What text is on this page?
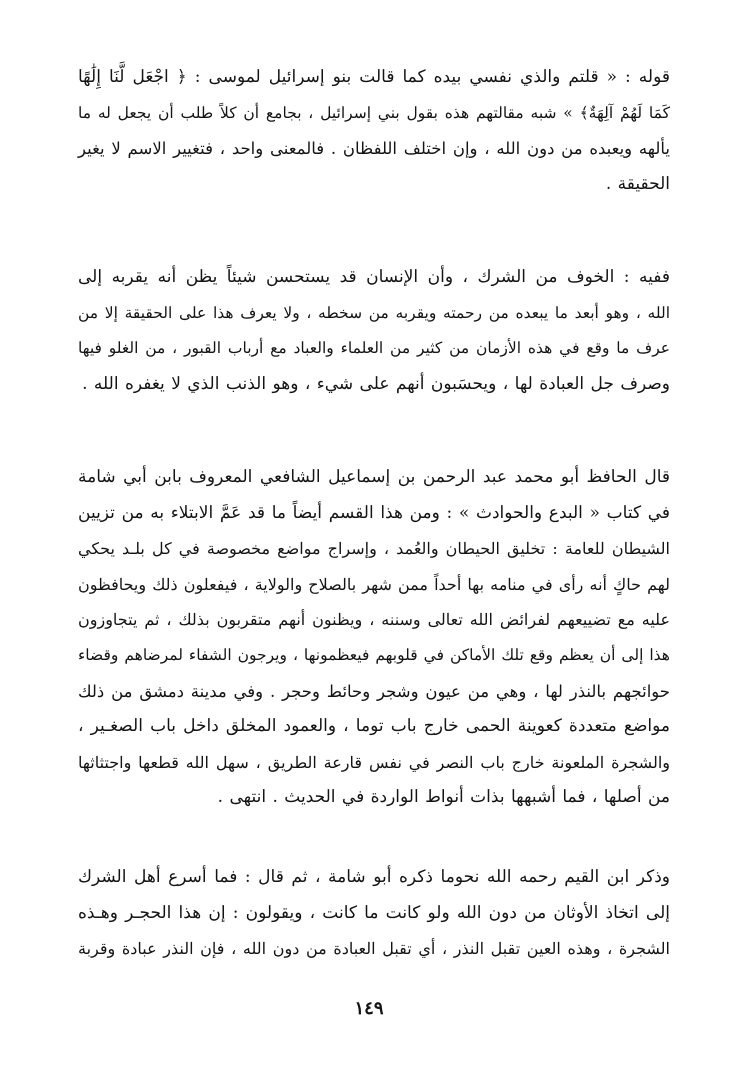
قوله : « قلتم والذي نفسي بيده كما قالت بنو إسرائيل لموسى : ﴿ اجْعَل لَّنَا إِلَٰهًا
كَمَا لَهُمْ آلِهَةٌ﴾ » شبه مقالتهم هذه بقول بني إسرائيل ، بجامع أن كلاً طلب أن يجعل له ما
يألهه ويعبده من دون الله ، وإن اختلف اللفظان . فالمعنى واحد ، فتغيير الاسم لا يغير
الحقيقة .
ففيه : الخوف من الشرك ، وأن الإنسان قد يستحسن شيئاً يظن أنه يقربه إلى
الله ، وهو أبعد ما يبعده من رحمته ويقربه من سخطه ، ولا يعرف هذا على الحقيقة إلا من
عرف ما وقع في هذه الأزمان من كثير من العلماء والعباد مع أرباب القبور ، من الغلو فيها
وصرف جل العبادة لها ، ويحسَبون أنهم على شيء ، وهو الذنب الذي لا يغفره الله .
قال الحافظ أبو محمد عبد الرحمن بن إسماعيل الشافعي المعروف بابن أبي شامة
في كتاب « البدع والحوادث » : ومن هذا القسم أيضاً ما قد عَمَّ الابتلاء به من تزيين
الشيطان للعامة : تخليق الحيطان والعُمد ، وإسراج مواضع مخصوصة في كل بلـد يحكي
لهم حاكٍ أنه رأى في منامه بها أحداً ممن شهر بالصلاح والولاية ، فيفعلون ذلك ويحافظون
عليه مع تضييعهم لفرائض الله تعالى وسننه ، ويظنون أنهم متقربون بذلك ، ثم يتجاوزون
هذا إلى أن يعظم وقع تلك الأماكن في قلوبهم فيعظمونها ، ويرجون الشفاء لمرضاهم وقضاء
حوائجهم بالنذر لها ، وهي من عيون وشجر وحائط وحجر . وفي مدينة دمشق من ذلك
مواضع متعددة كعوينة الحمى خارج باب توما ، والعمود المخلق داخل باب الصغـير ،
والشجرة الملعونة خارج باب النصر في نفس قارعة الطريق ، سهل الله قطعها واجتثاثها
من أصلها ، فما أشبهها بذات أنواط الواردة في الحديث . انتهى .
وذكر ابن القيم رحمه الله نحوما ذكره أبو شامة ، ثم قال : فما أسرع أهل الشرك
إلى اتخاذ الأوثان من دون الله ولو كانت ما كانت ، ويقولون : إن هذا الحجـر وهـذه
الشجرة ، وهذه العين تقبل النذر ، أي تقبل العبادة من دون الله ، فإن النذر عبادة وقربة
١٤٩
